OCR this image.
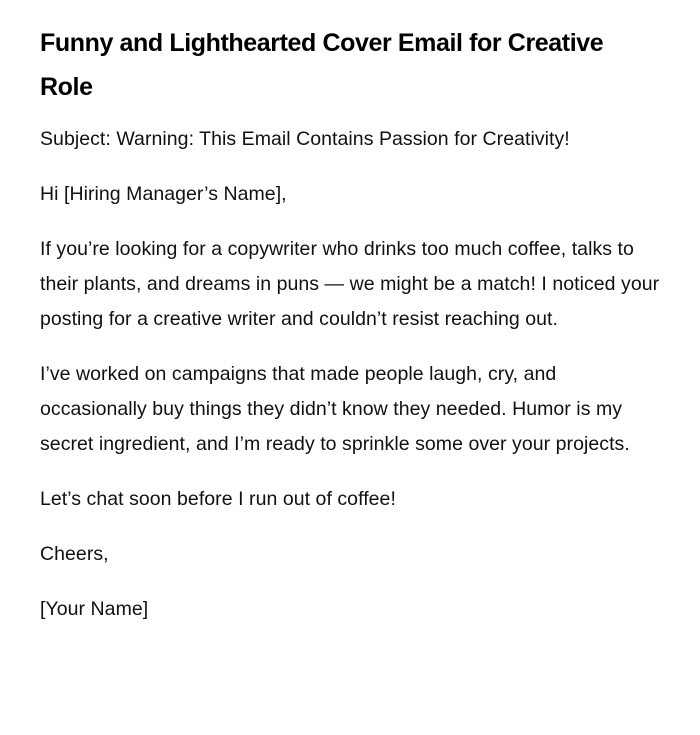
Funny and Lighthearted Cover Email for Creative Role

Subject: Warning: This Email Contains Passion for Creativity!

Hi [Hiring Manager’s Name],

If you’re looking for a copywriter who drinks too much coffee, talks to their plants, and dreams in puns — we might be a match! I noticed your posting for a creative writer and couldn’t resist reaching out.

I’ve worked on campaigns that made people laugh, cry, and occasionally buy things they didn’t know they needed. Humor is my secret ingredient, and I’m ready to sprinkle some over your projects.

Let’s chat soon before I run out of coffee!

Cheers,

[Your Name]
